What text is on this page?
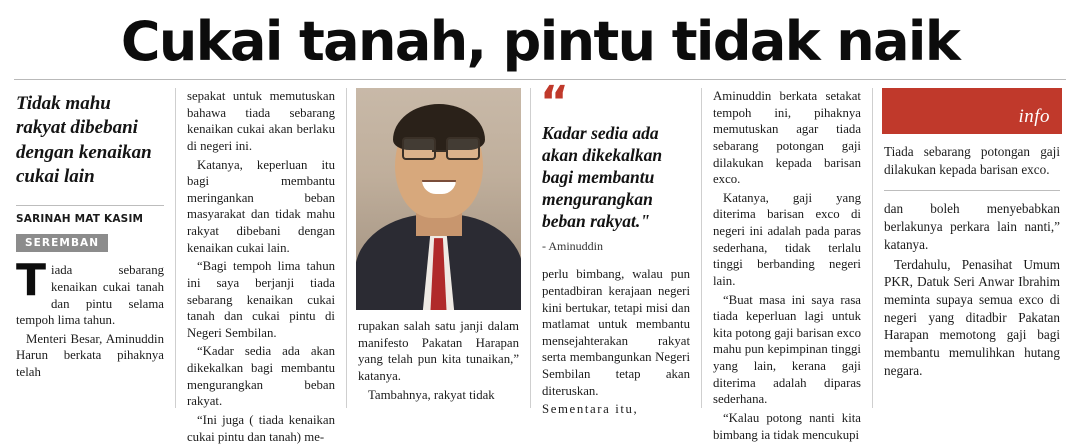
Cukai tanah, pintu tidak naik
Tidak mahu rakyat dibebani dengan kenaikan cukai lain
SARINAH MAT KASIM
SEREMBAN

Tiada sebarang kenaikan cukai tanah dan pintu selama tempoh lima tahun.

Menteri Besar, Aminuddin Harun berkata pihaknya telah

sepakat untuk memutuskan bahawa tiada sebarang kenaikan cukai akan berlaku di negeri ini.

Katanya, keperluan itu bagi membantu meringankan beban masyarakat dan tidak mahu rakyat dibebani dengan kenaikan cukai lain.

“Bagi tempoh lima tahun ini saya berjanji tiada sebarang kenaikan cukai tanah dan cukai pintu di Negeri Sembilan.

“Kadar sedia ada akan dikekalkan bagi membantu mengurangkan beban rakyat.

“Ini juga ( tiada kenaikan cukai pintu dan tanah) me-

rupakan salah satu janji dalam manifesto Pakatan Harapan yang telah pun kita tunaikan,” katanya.

Tambahnya, rakyat tidak

“
Kadar sedia ada akan dikekalkan bagi membantu mengurangkan beban rakyat."
- Aminuddin

perlu bimbang, walau pun pentadbiran kerajaan negeri kini bertukar, tetapi misi dan matlamat untuk membantu mensejahterakan rakyat serta membangunkan Negeri Sembilan tetap akan diteruskan.

Sementara itu,

Aminuddin berkata setakat tempoh ini, pihaknya memutuskan agar tiada sebarang potongan gaji dilakukan kepada barisan exco.

Katanya, gaji yang diterima barisan exco di negeri ini adalah pada paras sederhana, tidak terlalu tinggi berbanding negeri lain.

“Buat masa ini saya rasa tiada keperluan lagi untuk kita potong gaji barisan exco mahu pun kepimpinan tinggi yang lain, kerana gaji diterima adalah diparas sederhana.

“Kalau potong nanti kita bimbang ia tidak mencukupi

info

Tiada sebarang potongan gaji dilakukan kepada barisan exco.

dan boleh menyebabkan berlakunya perkara lain nanti,” katanya.

Terdahulu, Penasihat Umum PKR, Datuk Seri Anwar Ibrahim meminta supaya semua exco di negeri yang ditadbir Pakatan Harapan memotong gaji bagi membantu memulihkan hutang negara.
